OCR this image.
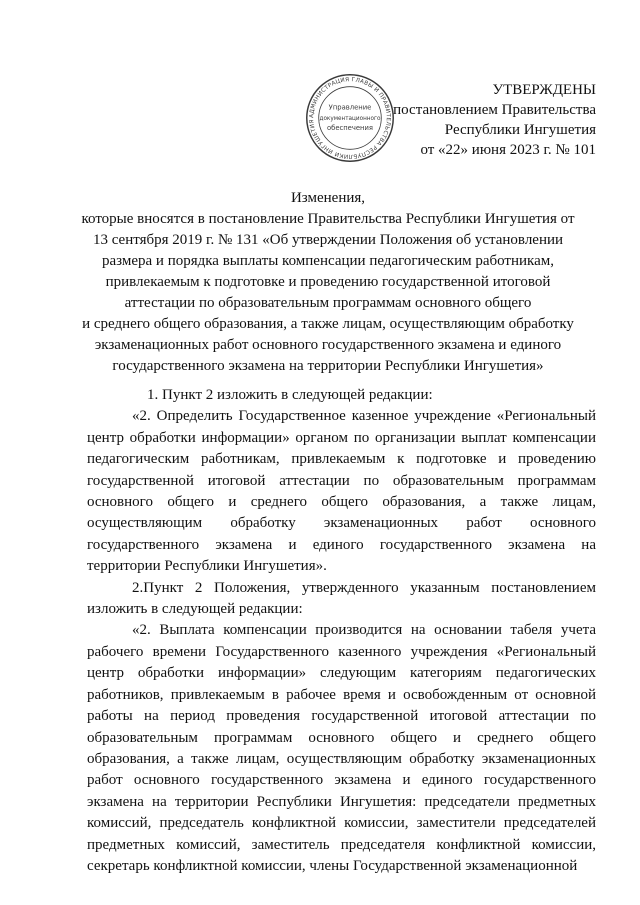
АДМИНИСТРАЦИЯ ГЛАВЫ И ПРАВИТЕЛЬСТВА РЕСПУБЛИКИ ИНГУШЕТИЯ
Управление
документационного
обеспечения
УТВЕРЖДЕНЫ
постановлением Правительства
Республики Ингушетия
от «22» июня 2023 г. № 101
Изменения,
которые вносятся в постановление Правительства Республики Ингушетия от
13 сентября 2019 г. № 131 «Об утверждении Положения об установлении
размера и порядка выплаты компенсации педагогическим работникам,
привлекаемым к подготовке и проведению государственной итоговой
аттестации по образовательным программам основного общего
и среднего общего образования, а также лицам, осуществляющим обработку
экзаменационных работ основного государственного экзамена и единого
государственного экзамена на территории Республики Ингушетия»

1. Пункт 2 изложить в следующей редакции:

«2. Определить Государственное казенное учреждение «Региональный центр обработки информации» органом по организации выплат компенсации педагогическим работникам, привлекаемым к подготовке и проведению государственной итоговой аттестации по образовательным программам основного общего и среднего общего образования, а также лицам, осуществляющим обработку экзаменационных работ основного государственного экзамена и единого государственного экзамена на территории Республики Ингушетия».

2.Пункт 2 Положения, утвержденного указанным постановлением изложить в следующей редакции:

«2. Выплата компенсации производится на основании табеля учета рабочего времени Государственного казенного учреждения «Региональный центр обработки информации» следующим категориям педагогических работников, привлекаемым в рабочее время и освобожденным от основной работы на период проведения государственной итоговой аттестации по образовательным программам основного общего и среднего общего образования, а также лицам, осуществляющим обработку экзаменационных работ основного государственного экзамена и единого государственного экзамена на территории Республики Ингушетия: председатели предметных комиссий, председатель конфликтной комиссии, заместители председателей предметных комиссий, заместитель председателя конфликтной комиссии, секретарь конфликтной комиссии, члены Государственной экзаменационной
